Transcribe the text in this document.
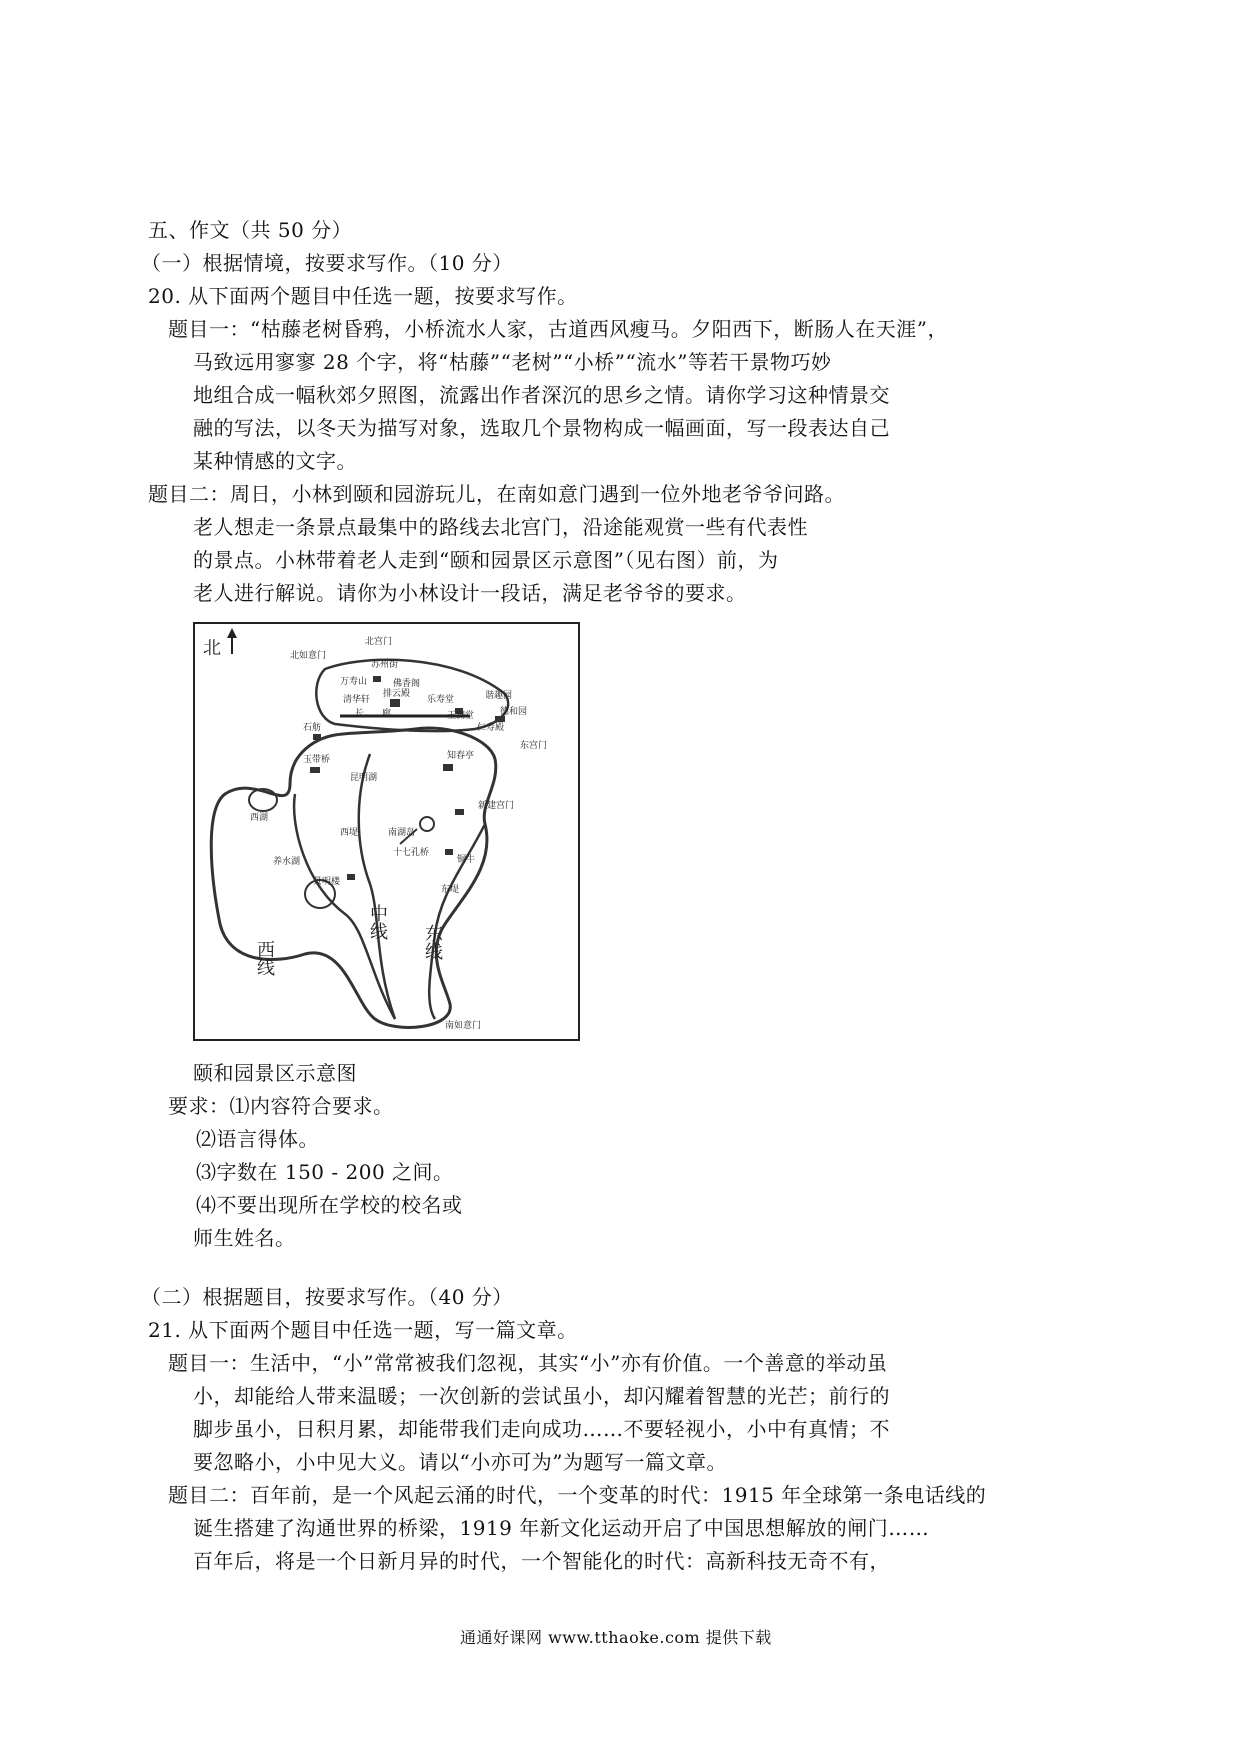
五、作文（共 50 分）
（一）根据情境，按要求写作。（10 分）
20. 从下面两个题目中任选一题，按要求写作。
题目一：“枯藤老树昏鸦，小桥流水人家，古道西风瘦马。夕阳西下，断肠人在天涯”，
马致远用寥寥 28 个字，将“枯藤”“老树”“小桥”“流水”等若干景物巧妙
地组合成一幅秋郊夕照图，流露出作者深沉的思乡之情。请你学习这种情景交
融的写法，以冬天为描写对象，选取几个景物构成一幅画面，写一段表达自己
某种情感的文字。
题目二：周日，小林到颐和园游玩儿，在南如意门遇到一位外地老爷爷问路。
老人想走一条景点最集中的路线去北宫门，沿途能观赏一些有代表性
的景点。小林带着老人走到“颐和园景区示意图”（见右图）前，为
老人进行解说。请你为小林设计一段话，满足老爷爷的要求。
北	北宫门
北如意门
苏州街
万寿山	佛香阁
清华轩
排云殿
乐寿堂	谐趣园
德和园
玉澜堂
仁寿殿
长　　廊
石舫
东宫门
玉带桥
昆明湖
知春亭
西湖
新建宫门
西堤	南湖岛
十七孔桥
铜牛
养水湖
景明楼
东堤
南如意门
中线 东线
西线
颐和园景区示意图
要求：⑴内容符合要求。
⑵语言得体。
⑶字数在 150 - 200 之间。
⑷不要出现所在学校的校名或
师生姓名。
（二）根据题目，按要求写作。（40 分）
21. 从下面两个题目中任选一题，写一篇文章。
题目一：生活中，“小”常常被我们忽视，其实“小”亦有价值。一个善意的举动虽
小，却能给人带来温暖；一次创新的尝试虽小，却闪耀着智慧的光芒；前行的
脚步虽小，日积月累，却能带我们走向成功……不要轻视小，小中有真情；不
要忽略小，小中见大义。请以“小亦可为”为题写一篇文章。
题目二：百年前，是一个风起云涌的时代，一个变革的时代：1915 年全球第一条电话线的
诞生搭建了沟通世界的桥梁，1919 年新文化运动开启了中国思想解放的闸门……
百年后，将是一个日新月异的时代，一个智能化的时代：高新科技无奇不有，
通通好课网 www.tthaoke.com 提供下载
